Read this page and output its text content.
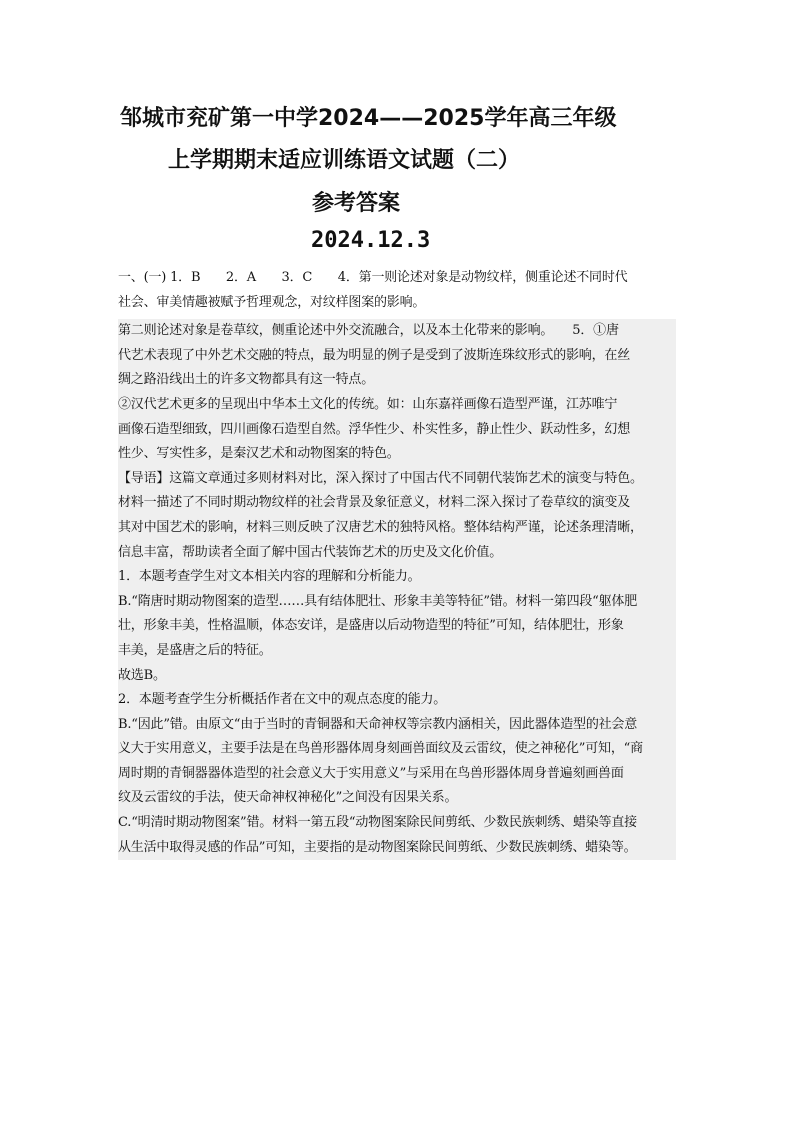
邹城市兖矿第一中学2024——2025学年高三年级
上学期期末适应训练语文试题（二）
参考答案
2024.12.3
一、(一) 1．B　　2．A　　3．C　　4．第一则论述对象是动物纹样，侧重论述不同时代
社会、审美情趣被赋予哲理观念，对纹样图案的影响。
第二则论述对象是卷草纹，侧重论述中外交流融合，以及本土化带来的影响。　　5．①唐
代艺术表现了中外艺术交融的特点，最为明显的例子是受到了波斯连珠纹形式的影响，在丝
绸之路沿线出土的许多文物都具有这一特点。
②汉代艺术更多的呈现出中华本土文化的传统。如：山东嘉祥画像石造型严谨，江苏唯宁
画像石造型细致，四川画像石造型自然。浮华性少、朴实性多，静止性少、跃动性多，幻想
性少、写实性多，是秦汉艺术和动物图案的特色。
【导语】这篇文章通过多则材料对比，深入探讨了中国古代不同朝代装饰艺术的演变与特色。
材料一描述了不同时期动物纹样的社会背景及象征意义，材料二深入探讨了卷草纹的演变及
其对中国艺术的影响，材料三则反映了汉唐艺术的独特风格。整体结构严谨，论述条理清晰，
信息丰富，帮助读者全面了解中国古代装饰艺术的历史及文化价值。
1．本题考查学生对文本相关内容的理解和分析能力。
B.“隋唐时期动物图案的造型……具有结体肥壮、形象丰美等特征”错。材料一第四段“躯体肥
壮，形象丰美，性格温顺，体态安详，是盛唐以后动物造型的特征”可知，结体肥壮，形象
丰美，是盛唐之后的特征。
故选B。
2．本题考查学生分析概括作者在文中的观点态度的能力。
B.“因此”错。由原文“由于当时的青铜器和天命神权等宗教内涵相关，因此器体造型的社会意
义大于实用意义，主要手法是在鸟兽形器体周身刻画兽面纹及云雷纹，使之神秘化”可知，“商
周时期的青铜器器体造型的社会意义大于实用意义”与采用在鸟兽形器体周身普遍刻画兽面
纹及云雷纹的手法，使天命神权神秘化”之间没有因果关系。
C.“明清时期动物图案”错。材料一第五段“动物图案除民间剪纸、少数民族刺绣、蜡染等直接
从生活中取得灵感的作品”可知，主要指的是动物图案除民间剪纸、少数民族刺绣、蜡染等。
